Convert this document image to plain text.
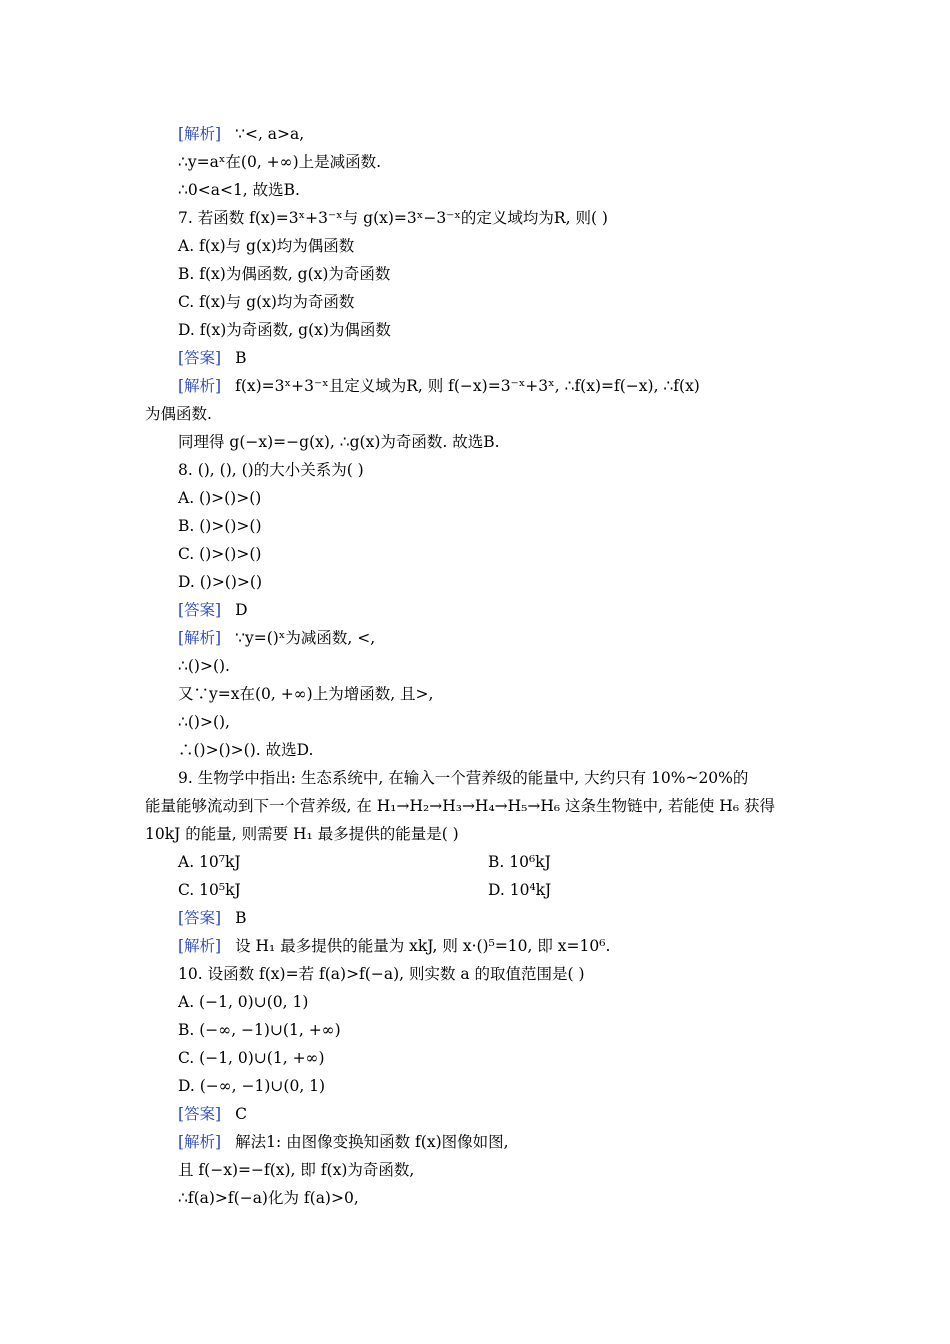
[解析] ∵<, a>a,
∴y=aˣ在(0, +∞)上是减函数.
∴0<a<1, 故选B.
7. 若函数 f(x)=3ˣ+3⁻ˣ与 g(x)=3ˣ−3⁻ˣ的定义域均为R, 则( )
A. f(x)与 g(x)均为偶函数
B. f(x)为偶函数, g(x)为奇函数
C. f(x)与 g(x)均为奇函数
D. f(x)为奇函数, g(x)为偶函数
[答案] B
[解析] f(x)=3ˣ+3⁻ˣ且定义域为R, 则 f(−x)=3⁻ˣ+3ˣ, ∴f(x)=f(−x), ∴f(x)
为偶函数.
同理得 g(−x)=−g(x), ∴g(x)为奇函数. 故选B.
8. (), (), ()的大小关系为( )
A. ()>()>()
B. ()>()>()
C. ()>()>()
D. ()>()>()
[答案] D
[解析] ∵y=()ˣ为减函数, <,
∴()>().
又∵y=x在(0, +∞)上为增函数, 且>,
∴()>(),
∴()>()>(). 故选D.
9. 生物学中指出: 生态系统中, 在输入一个营养级的能量中, 大约只有 10%~20%的
能量能够流动到下一个营养级, 在 H₁→H₂→H₃→H₄→H₅→H₆ 这条生物链中, 若能使 H₆ 获得
10kJ 的能量, 则需要 H₁ 最多提供的能量是( )
A. 10⁷kJ	B. 10⁶kJ
C. 10⁵kJ	D. 10⁴kJ
[答案] B
[解析] 设 H₁ 最多提供的能量为 xkJ, 则 x·()⁵=10, 即 x=10⁶.
10. 设函数 f(x)=若 f(a)>f(−a), 则实数 a 的取值范围是( )
A. (−1, 0)∪(0, 1)
B. (−∞, −1)∪(1, +∞)
C. (−1, 0)∪(1, +∞)
D. (−∞, −1)∪(0, 1)
[答案] C
[解析] 解法1: 由图像变换知函数 f(x)图像如图,
且 f(−x)=−f(x), 即 f(x)为奇函数,
∴f(a)>f(−a)化为 f(a)>0,
